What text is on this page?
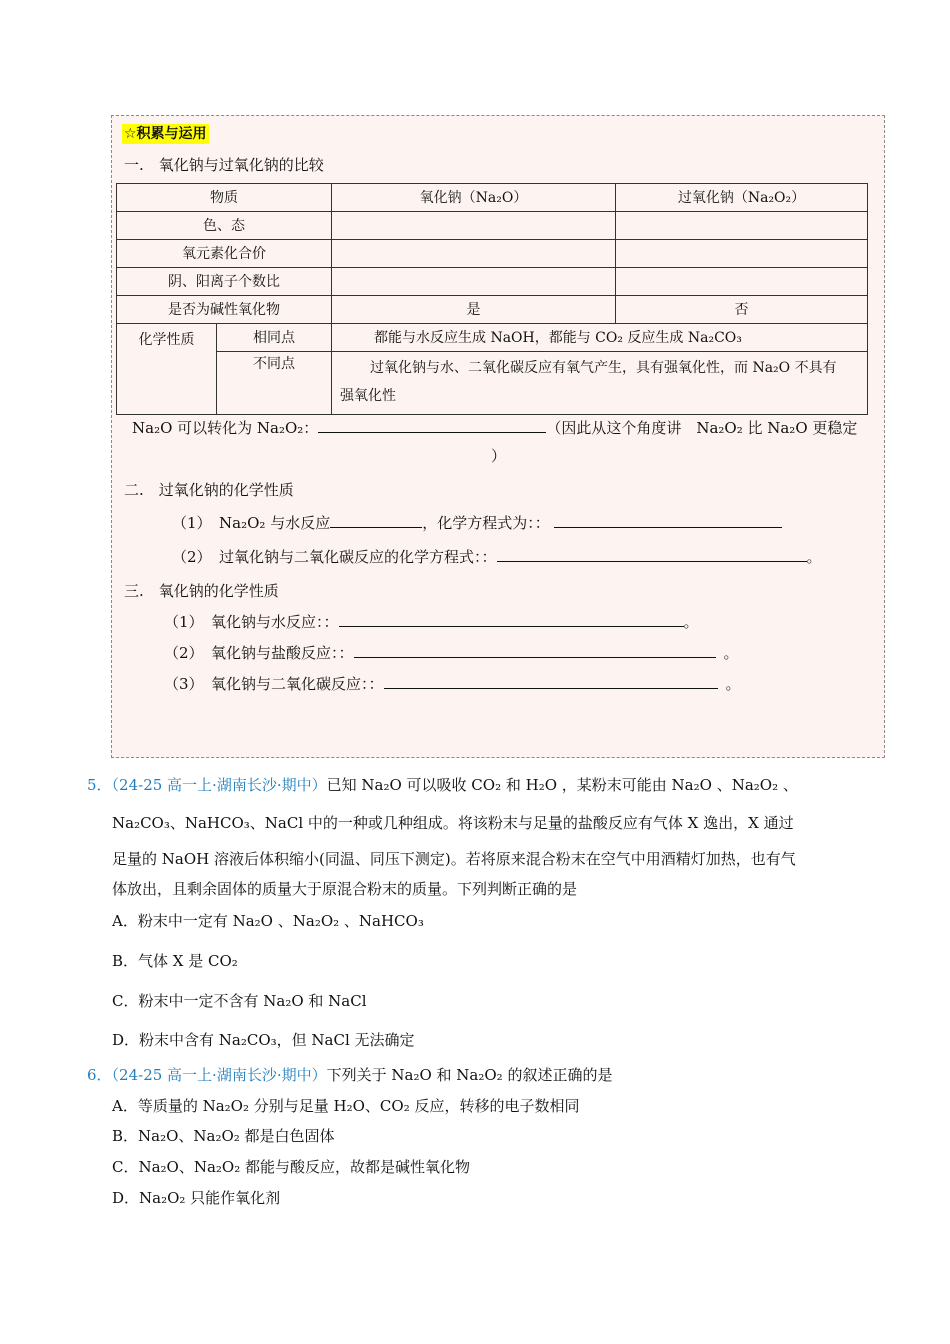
☆积累与运用
一.　氧化钠与过氧化钠的比较
物质		氧化钠（Na₂O）	过氧化钠（Na₂O₂）
色、态			
氧元素化合价			
阴、阳离子个数比			
是否为碱性氧化物		是	否

化学性质	相同点	都能与水反应生成 NaOH，都能与 CO₂ 反应生成 Na₂CO₃	
	不同点	过氧化钠与水、二氧化碳反应有氧气产生，具有强氧化性，而 Na₂O 不具有强氧化性	
Na₂O 可以转化为 Na₂O₂：	（因此从这个角度讲　Na₂O₂ 比 Na₂O 更稳定
）
二.　过氧化钠的化学性质
（1）　Na₂O₂ 与水反应	，化学方程式为：：
（2）　过氧化钠与二氧化碳反应的化学方程式：：	。
三.　氧化钠的化学性质
（1）　氧化钠与水反应：：	。
（2）　氧化钠与盐酸反应：：	。
（3）　氧化钠与二氧化碳反应：：	。
5．（24-25 高一上·湖南长沙·期中）已知 Na₂O 可以吸收 CO₂ 和 H₂O ，某粉末可能由 Na₂O 、Na₂O₂ 、
Na₂CO₃、NaHCO₃、NaCl 中的一种或几种组成。将该粉末与足量的盐酸反应有气体 X 逸出，X 通过
足量的 NaOH 溶液后体积缩小(同温、同压下测定)。若将原来混合粉末在空气中用酒精灯加热，也有气
体放出，且剩余固体的质量大于原混合粉末的质量。下列判断正确的是
A．粉末中一定有 Na₂O 、Na₂O₂ 、NaHCO₃
B．气体 X 是 CO₂
C．粉末中一定不含有 Na₂O 和 NaCl
D．粉末中含有 Na₂CO₃，但 NaCl 无法确定
6．（24-25 高一上·湖南长沙·期中）下列关于 Na₂O 和 Na₂O₂ 的叙述正确的是
A．等质量的 Na₂O₂ 分别与足量 H₂O、CO₂ 反应，转移的电子数相同
B．Na₂O、Na₂O₂ 都是白色固体
C．Na₂O、Na₂O₂ 都能与酸反应，故都是碱性氧化物
D．Na₂O₂ 只能作氧化剂
